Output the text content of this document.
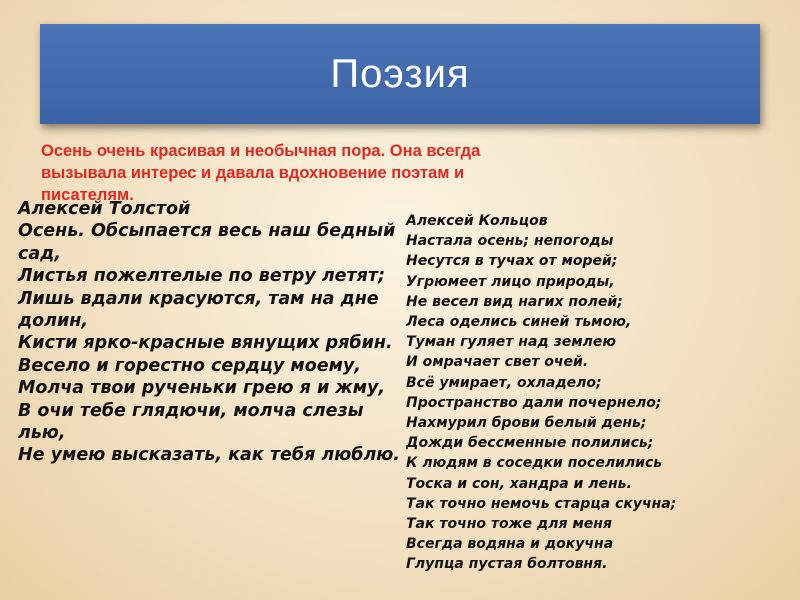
Поэзия
Осень очень красивая и необычная пора. Она всегда
вызывала интерес и давала вдохновение поэтам и
писателям.
Алексей Толстой
Осень. Обсыпается весь наш бедный сад,
Листья пожелтелые по ветру летят;
Лишь вдали красуются, там на дне долин,
Кисти ярко-красные вянущих рябин.
Весело и горестно сердцу моему,
Молча твои рученьки грею я и жму,
В очи тебе глядючи, молча слезы лью,
Не умею высказать, как тебя люблю.
Алексей Кольцов
Настала осень; непогоды
Несутся в тучах от морей;
Угрюмеет лицо природы,
Не весел вид нагих полей;
Леса оделись синей тьмою,
Туман гуляет над землею
И омрачает свет очей.
Всё умирает, охладело;
Пространство дали почернело;
Нахмурил брови белый день;
Дожди бессменные полились;
К людям в соседки поселились
Тоска и сон, хандра и лень.
Так точно немочь старца скучна;
Так точно тоже для меня
Всегда водяна и докучна
Глупца пустая болтовня.
